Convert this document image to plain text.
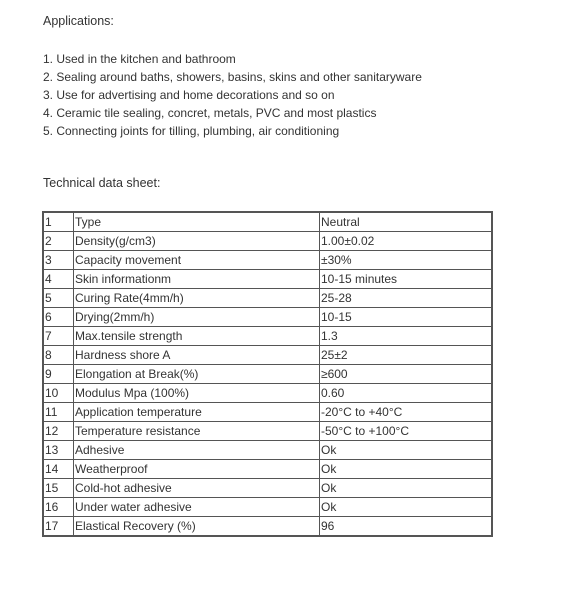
Applications:
1. Used in the kitchen and bathroom
2. Sealing around baths, showers, basins, skins and other sanitaryware
3. Use for advertising and home decorations and so on
4. Ceramic tile sealing, concret, metals, PVC and most plastics
5. Connecting joints for tilling, plumbing, air conditioning
Technical data sheet:
1	Type	Neutral
2	Density(g/cm3)	1.00±0.02
3	Capacity movement	±30%
4	Skin informationm	10-15 minutes
5	Curing Rate(4mm/h)	25-28
6	Drying(2mm/h)	10-15
7	Max.tensile strength	1.3
8	Hardness shore A	25±2
9	Elongation at Break(%)	≥600
10	Modulus Mpa (100%)	0.60
11	Application temperature	-20°C to +40°C
12	Temperature resistance	-50°C to +100°C
13	Adhesive	Ok
14	Weatherproof	Ok
15	Cold-hot adhesive	Ok
16	Under water adhesive	Ok
17	Elastical Recovery (%)	96
